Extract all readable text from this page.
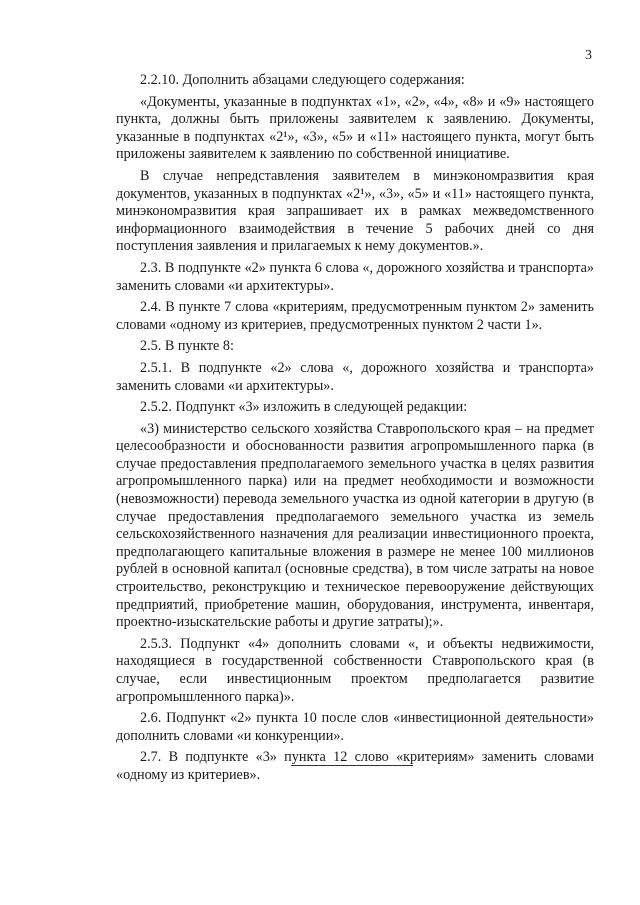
3

2.2.10. Дополнить абзацами следующего содержания:

«Документы, указанные в подпунктах «1», «2», «4», «8» и «9» настоящего пункта, должны быть приложены заявителем к заявлению. Документы, указанные в подпунктах «2¹», «3», «5» и «11» настоящего пункта, могут быть приложены заявителем к заявлению по собственной инициативе.

В случае непредставления заявителем в минэкономразвития края документов, указанных в подпунктах «2¹», «3», «5» и «11» настоящего пункта, минэкономразвития края запрашивает их в рамках межведомственного информационного взаимодействия в течение 5 рабочих дней со дня поступления заявления и прилагаемых к нему документов.».

2.3. В подпункте «2» пункта 6 слова «, дорожного хозяйства и транспорта» заменить словами «и архитектуры».

2.4. В пункте 7 слова «критериям, предусмотренным пунктом 2» заменить словами «одному из критериев, предусмотренных пунктом 2 части 1».

2.5. В пункте 8:

2.5.1. В подпункте «2» слова «, дорожного хозяйства и транспорта» заменить словами «и архитектуры».

2.5.2. Подпункт «3» изложить в следующей редакции:

«3) министерство сельского хозяйства Ставропольского края – на предмет целесообразности и обоснованности развития агропромышленного парка (в случае предоставления предполагаемого земельного участка в целях развития агропромышленного парка) или на предмет необходимости и возможности (невозможности) перевода земельного участка из одной категории в другую (в случае предоставления предполагаемого земельного участка из земель сельскохозяйственного назначения для реализации инвестиционного проекта, предполагающего капитальные вложения в размере не менее 100 миллионов рублей в основной капитал (основные средства), в том числе затраты на новое строительство, реконструкцию и техническое перевооружение действующих предприятий, приобретение машин, оборудования, инструмента, инвентаря, проектно-изыскательские работы и другие затраты);».

2.5.3. Подпункт «4» дополнить словами «, и объекты недвижимости, находящиеся в государственной собственности Ставропольского края (в случае, если инвестиционным проектом предполагается развитие агропромышленного парка)».

2.6. Подпункт «2» пункта 10 после слов «инвестиционной деятельности» дополнить словами «и конкуренции».

2.7. В подпункте «3» пункта 12 слово «критериям» заменить словами «одному из критериев».
